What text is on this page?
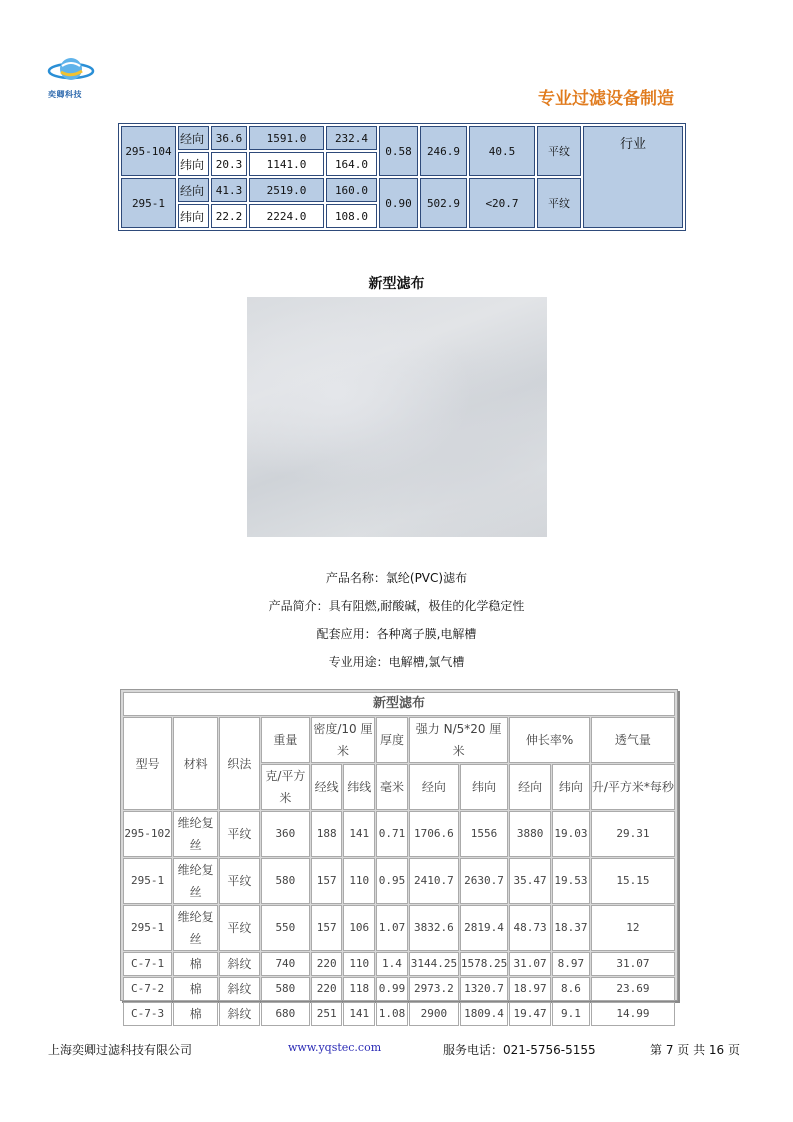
奕卿科技	专业过滤设备制造
295-104	经向	36.6	1591.0	232.4	0.58	246.9	40.5	平纹	行业
	纬向	20.3	1141.0	164.0					
295-1	经向	41.3	2519.0	160.0	0.90	502.9	<20.7	平纹	
	纬向	22.2	2224.0	108.0					
新型滤布
产品名称：氯纶(PVC)滤布
产品简介：具有阻燃,耐酸碱，极佳的化学稳定性
配套应用：各种离子膜,电解槽
专业用途：电解槽,氯气槽
新型滤布											
型号	材料	织法	重量	密度/10 厘米		厚度	强力 N/5*20 厘米		伸长率%		透气量
			克/平方米	经线	纬线	毫米	经向	纬向	经向	纬向	升/平方米*每秒
295-102	维纶复丝	平纹	360	188	141	0.71	1706.6	1556	3880	19.03	29.31
295-1	维纶复丝	平纹	580	157	110	0.95	2410.7	2630.7	35.47	19.53	15.15
295-1	维纶复丝	平纹	550	157	106	1.07	3832.6	2819.4	48.73	18.37	12
C-7-1	棉	斜纹	740	220	110	1.4	3144.25	1578.25	31.07	8.97	31.07
C-7-2	棉	斜纹	580	220	118	0.99	2973.2	1320.7	18.97	8.6	23.69
C-7-3	棉	斜纹	680	251	141	1.08	2900	1809.4	19.47	9.1	14.99
上海奕卿过滤科技有限公司	www.yqstec.com	服务电话：021-5756-5155	第 7 页 共 16 页
